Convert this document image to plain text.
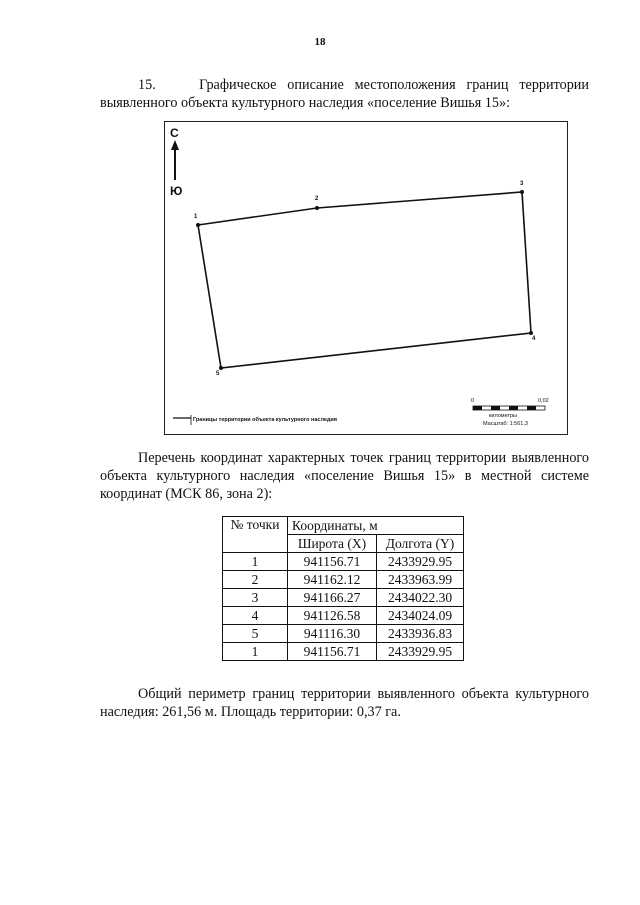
18

15.    Графическое описание местоположения границ территории выявленного объекта культурного наследия «поселение Вишья 15»:

С
Ю
1
2
3
4
5
Границы территории объекта культурного наследия
0	0,02
километры
Масштаб: 1:561,3

Перечень координат характерных точек границ территории выявленного объекта культурного наследия «поселение Вишья 15» в местной системе координат (МСК 86, зона 2):

№ точки	Координаты, м	
	Широта (X)	Долгота (Y)
1	941156.71	2433929.95
2	941162.12	2433963.99
3	941166.27	2434022.30
4	941126.58	2434024.09
5	941116.30	2433936.83
1	941156.71	2433929.95

Общий периметр границ территории выявленного объекта культурного наследия: 261,56 м. Площадь территории: 0,37 га.
